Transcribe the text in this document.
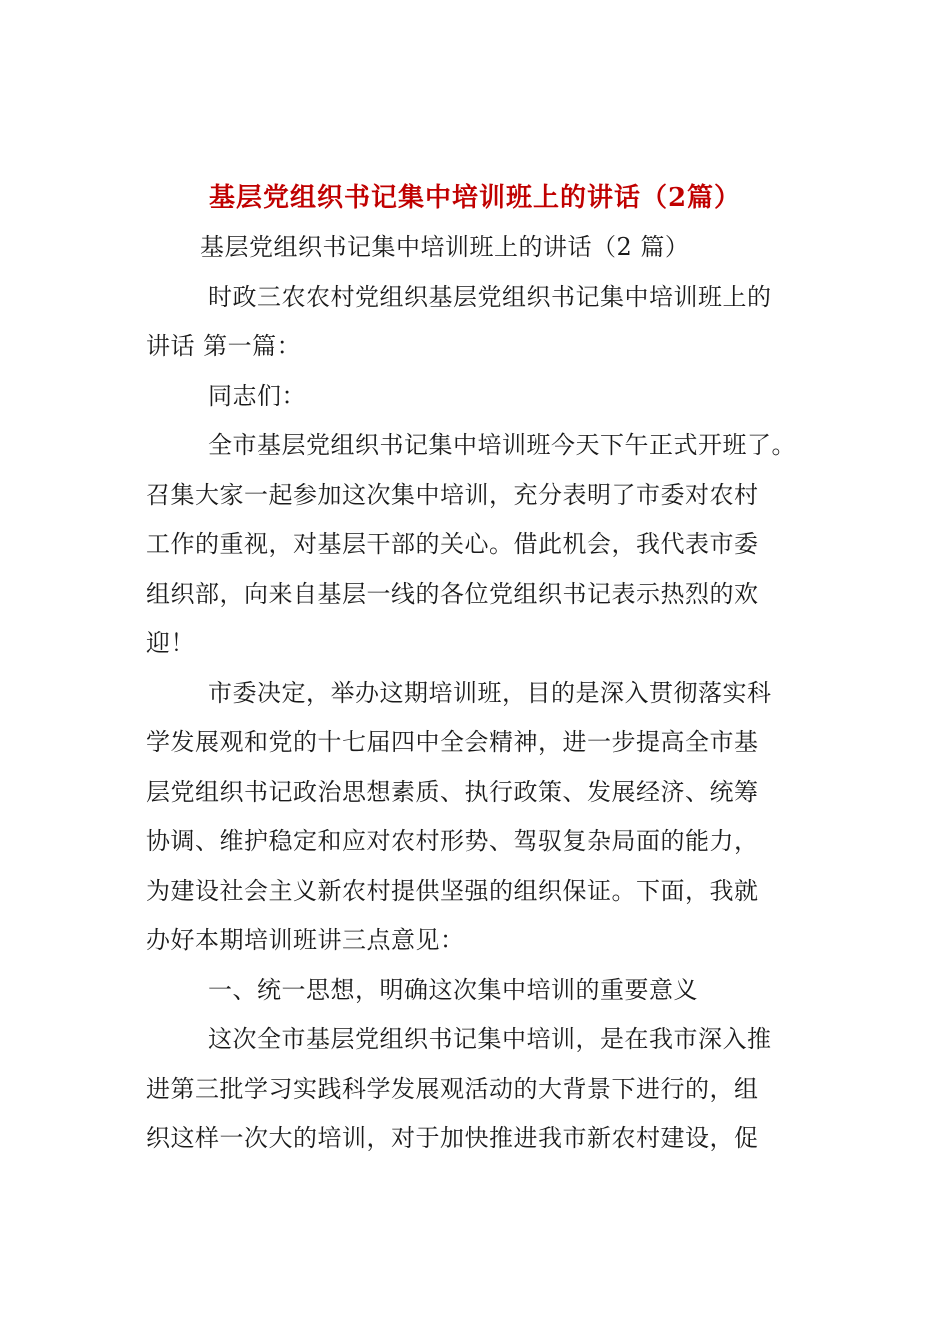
基层党组织书记集中培训班上的讲话（2篇）
基层党组织书记集中培训班上的讲话（2 篇）
时政三农农村党组织基层党组织书记集中培训班上的
讲话 第一篇：
同志们：
全市基层党组织书记集中培训班今天下午正式开班了。
召集大家一起参加这次集中培训，充分表明了市委对农村
工作的重视，对基层干部的关心。借此机会，我代表市委
组织部，向来自基层一线的各位党组织书记表示热烈的欢
迎！
市委决定，举办这期培训班，目的是深入贯彻落实科
学发展观和党的十七届四中全会精神，进一步提高全市基
层党组织书记政治思想素质、执行政策、发展经济、统筹
协调、维护稳定和应对农村形势、驾驭复杂局面的能力，
为建设社会主义新农村提供坚强的组织保证。下面，我就
办好本期培训班讲三点意见：
一、统一思想，明确这次集中培训的重要意义
这次全市基层党组织书记集中培训，是在我市深入推
进第三批学习实践科学发展观活动的大背景下进行的，组
织这样一次大的培训，对于加快推进我市新农村建设，促
